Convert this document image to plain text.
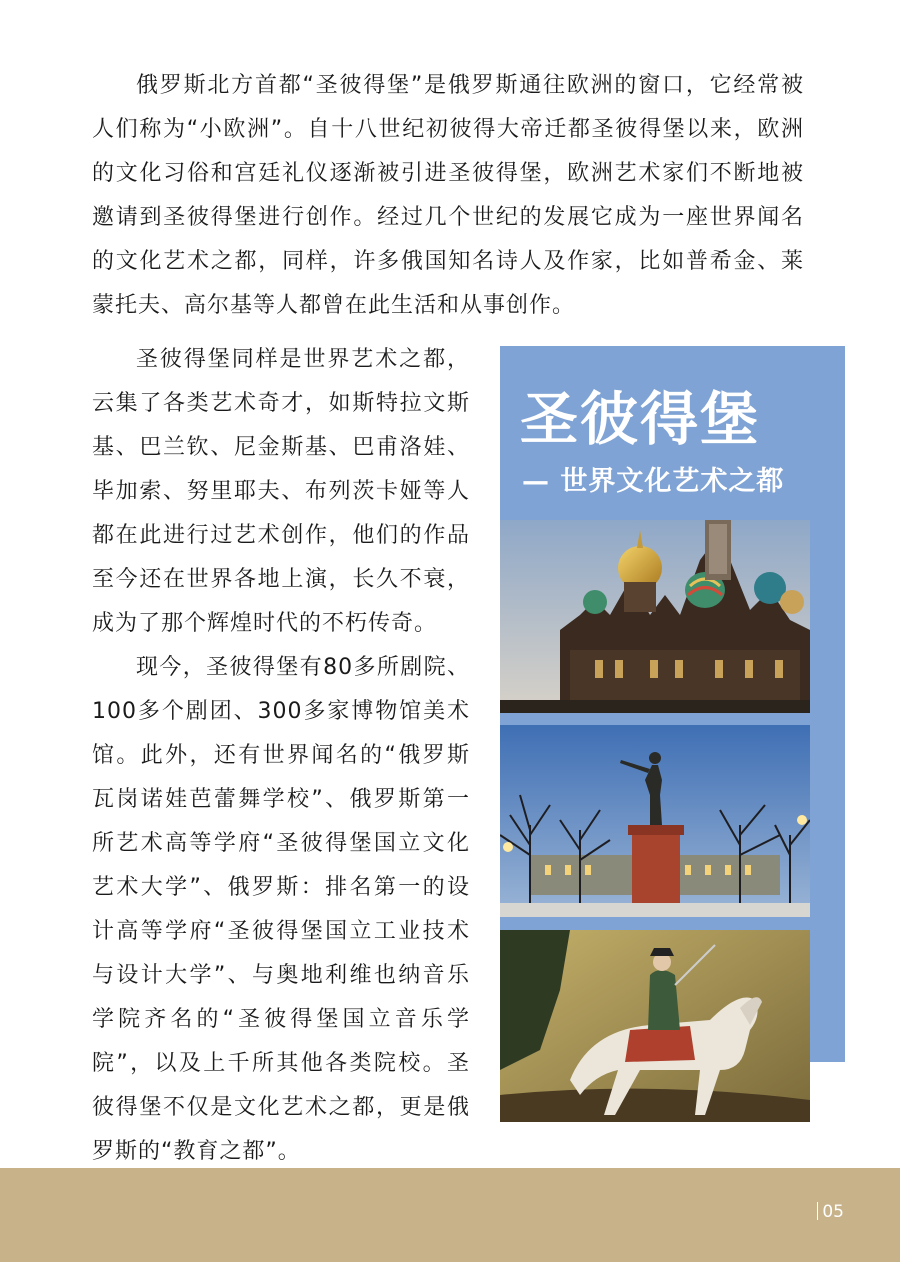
俄罗斯北方首都“圣彼得堡”是俄罗斯通往欧洲的窗口，它经常被人们称为“小欧洲”。自十八世纪初彼得大帝迁都圣彼得堡以来，欧洲的文化习俗和宫廷礼仪逐渐被引进圣彼得堡，欧洲艺术家们不断地被邀请到圣彼得堡进行创作。经过几个世纪的发展它成为一座世界闻名的文化艺术之都，同样，许多俄国知名诗人及作家，比如普希金、莱蒙托夫、高尔基等人都曾在此生活和从事创作。

圣彼得堡同样是世界艺术之都，云集了各类艺术奇才，如斯特拉文斯基、巴兰钦、尼金斯基、巴甫洛娃、毕加索、努里耶夫、布列茨卡娅等人都在此进行过艺术创作，他们的作品至今还在世界各地上演，长久不衰，成为了那个辉煌时代的不朽传奇。

现今，圣彼得堡有80多所剧院、100多个剧团、300多家博物馆美术馆。此外，还有世界闻名的“俄罗斯瓦岗诺娃芭蕾舞学校”、俄罗斯第一所艺术高等学府“圣彼得堡国立文化艺术大学”、俄罗斯：排名第一的设计高等学府“圣彼得堡国立工业技术与设计大学”、与奥地利维也纳音乐学院齐名的“圣彼得堡国立音乐学院”，以及上千所其他各类院校。圣彼得堡不仅是文化艺术之都，更是俄罗斯的“教育之都”。

圣彼得堡
— 世界文化艺术之都
05
